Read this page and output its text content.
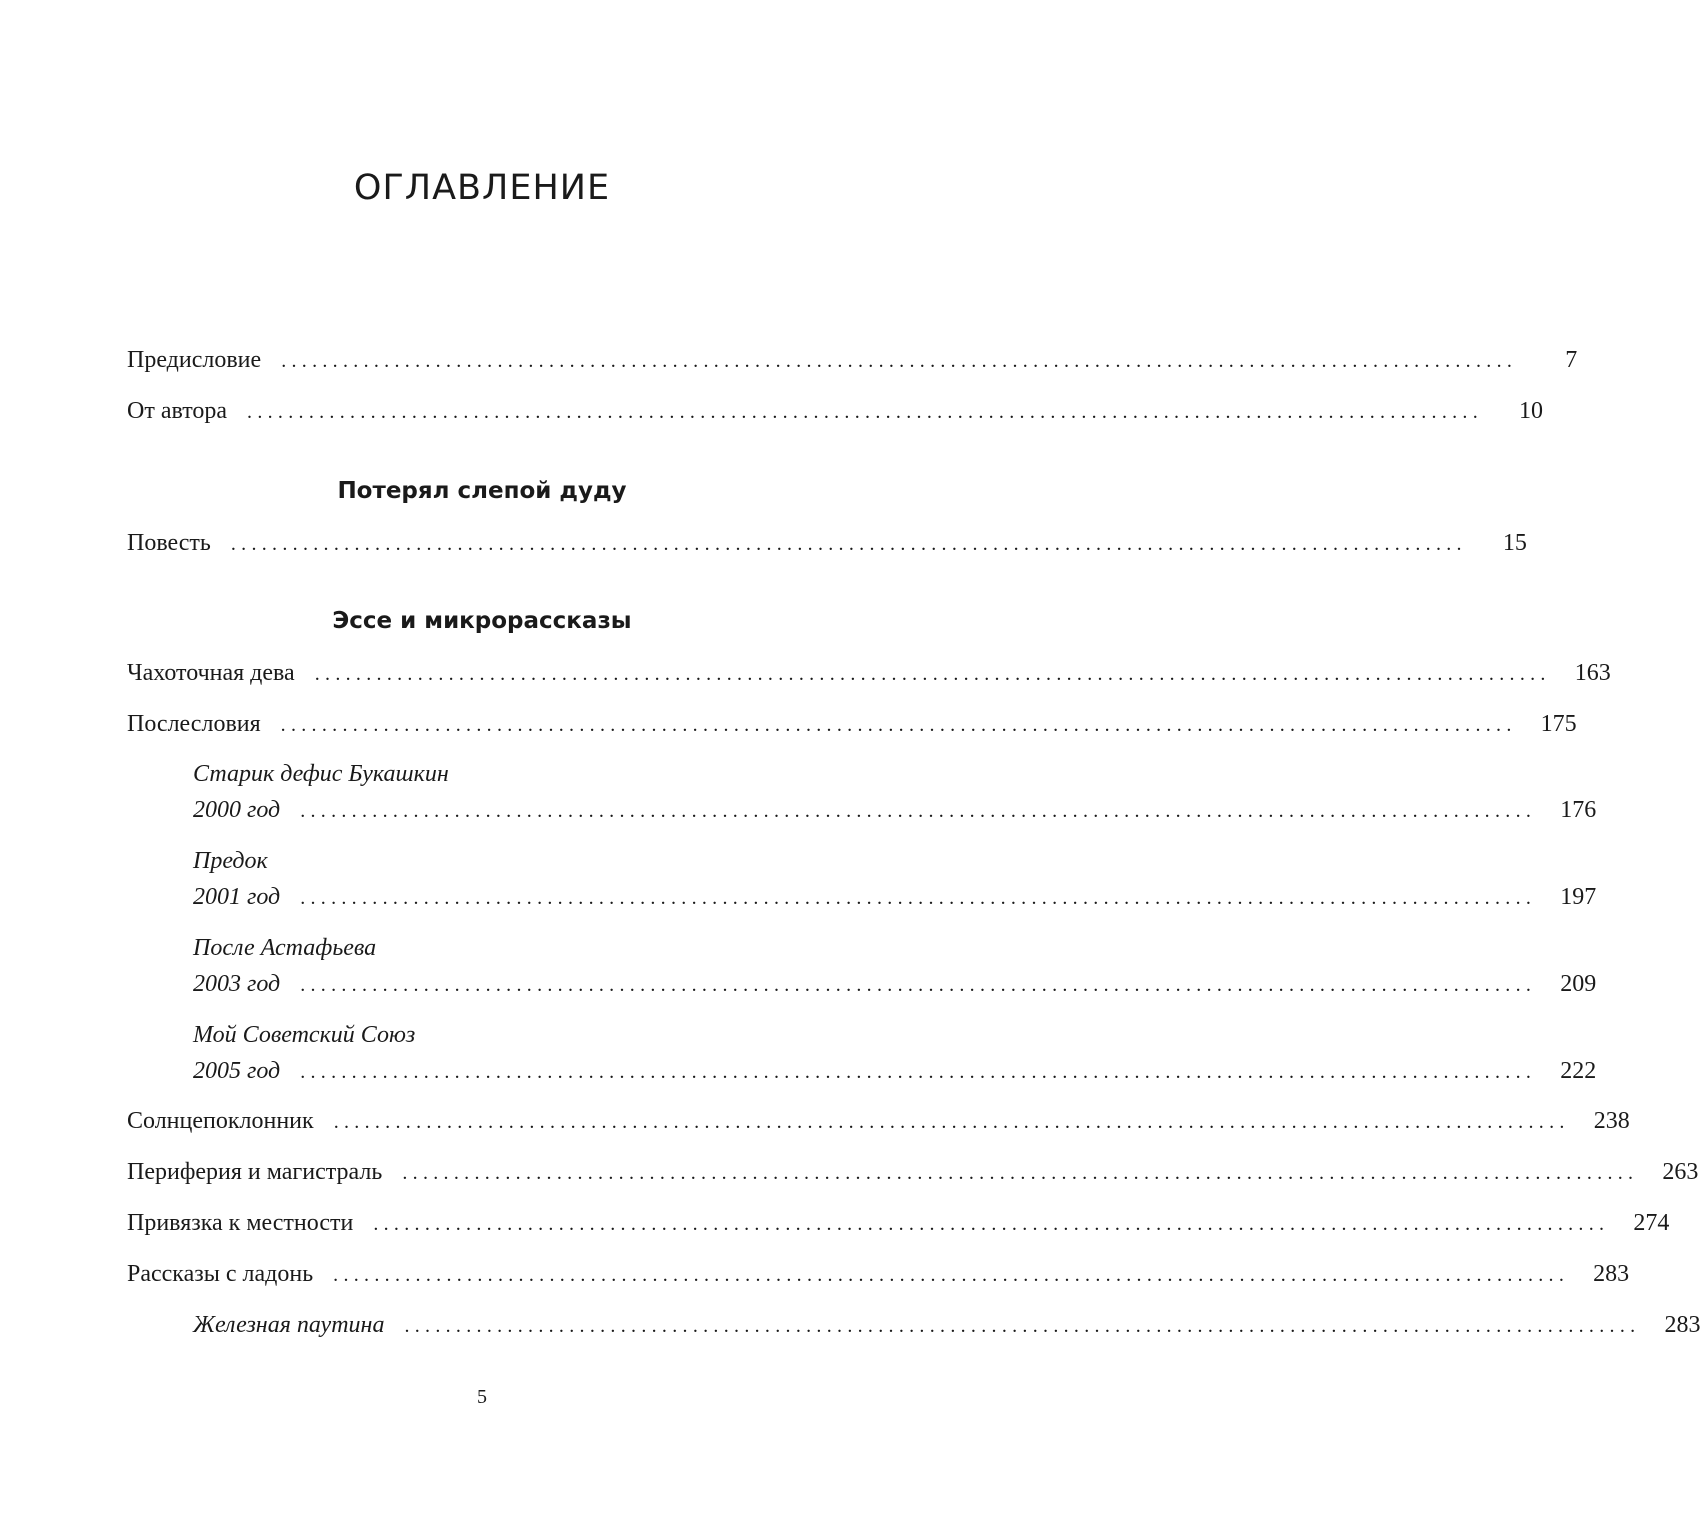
ОГЛАВЛЕНИЕ
Предисловие ........................................................................................................................	7
От автора ........................................................................................................................	10
Потерял слепой дуду
Повесть ........................................................................................................................	15
Эссе и микрорассказы
Чахоточная дева ........................................................................................................................ 163
Послесловия ........................................................................................................................ 175
Старик дефис Букашкин
2000 год ........................................................................................................................ 176
Предок
2001 год ........................................................................................................................ 197
После Астафьева
2003 год ........................................................................................................................ 209
Мой Советский Союз
2005 год ........................................................................................................................ 222
Солнцепоклонник ........................................................................................................................ 238
Периферия и магистраль ........................................................................................................................ 263
Привязка к местности ........................................................................................................................ 274
Рассказы с ладонь ........................................................................................................................ 283
Железная паутина ........................................................................................................................ 283
5
